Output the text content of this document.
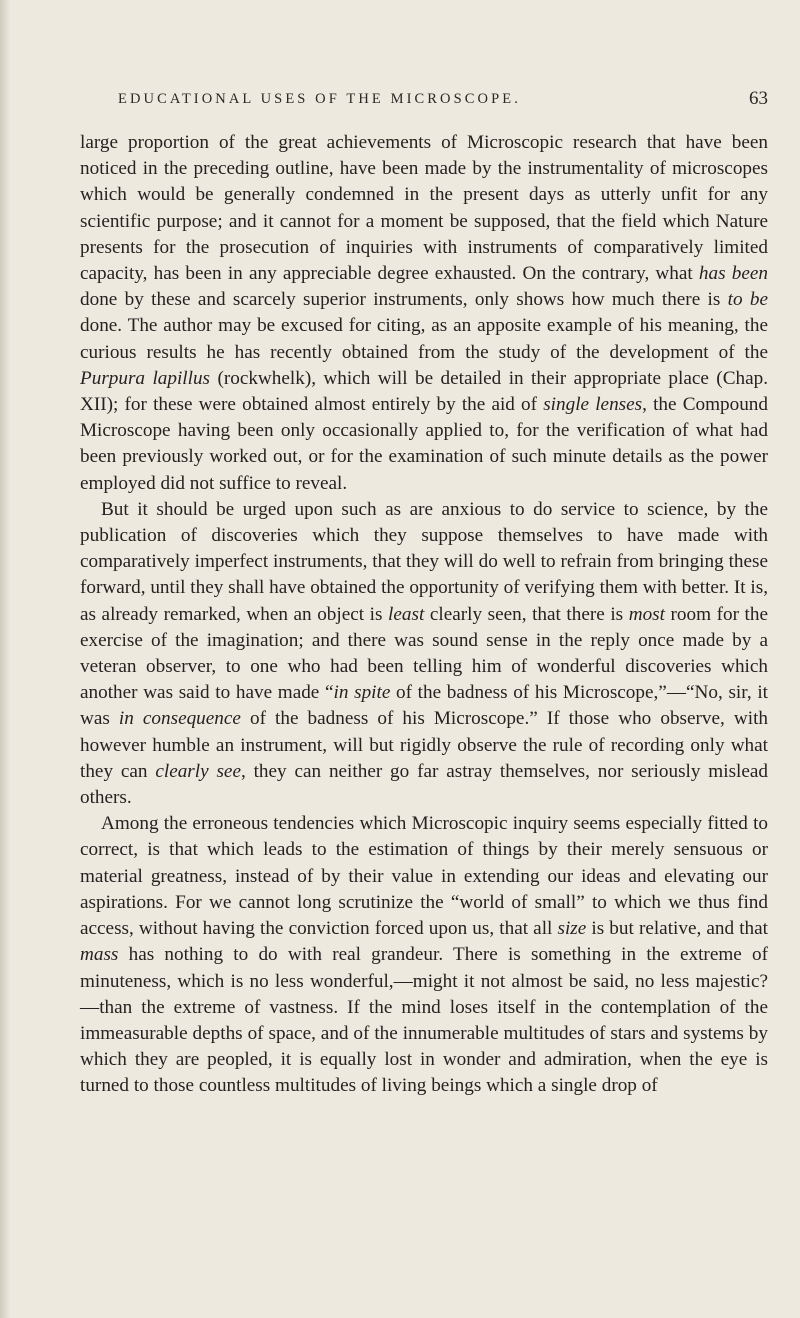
EDUCATIONAL USES OF THE MICROSCOPE.	63

large proportion of the great achievements of Microscopic research that have been noticed in the preceding outline, have been made by the instrumentality of microscopes which would be generally condemned in the present days as utterly unfit for any scientific purpose; and it cannot for a moment be supposed, that the field which Nature presents for the prosecution of inquiries with instruments of comparatively limited capacity, has been in any appreciable degree exhausted. On the contrary, what has been done by these and scarcely superior instruments, only shows how much there is to be done. The author may be excused for citing, as an apposite example of his meaning, the curious results he has recently obtained from the study of the development of the Purpura lapillus (rockwhelk), which will be detailed in their appropriate place (Chap. XII); for these were obtained almost entirely by the aid of single lenses, the Compound Microscope having been only occasionally applied to, for the verification of what had been previously worked out, or for the examination of such minute details as the power employed did not suffice to reveal.

But it should be urged upon such as are anxious to do service to science, by the publication of discoveries which they suppose themselves to have made with comparatively imperfect instruments, that they will do well to refrain from bringing these forward, until they shall have obtained the opportunity of verifying them with better. It is, as already remarked, when an object is least clearly seen, that there is most room for the exercise of the imagination; and there was sound sense in the reply once made by a veteran observer, to one who had been telling him of wonderful discoveries which another was said to have made “in spite of the badness of his Microscope,”—“No, sir, it was in consequence of the badness of his Microscope.” If those who observe, with however humble an instrument, will but rigidly observe the rule of recording only what they can clearly see, they can neither go far astray themselves, nor seriously mislead others.

Among the erroneous tendencies which Microscopic inquiry seems especially fitted to correct, is that which leads to the estimation of things by their merely sensuous or material greatness, instead of by their value in extending our ideas and elevating our aspirations. For we cannot long scrutinize the “world of small” to which we thus find access, without having the conviction forced upon us, that all size is but relative, and that mass has nothing to do with real grandeur. There is something in the extreme of minuteness, which is no less wonderful,—might it not almost be said, no less majestic?—than the extreme of vastness. If the mind loses itself in the contemplation of the immeasurable depths of space, and of the innumerable multitudes of stars and systems by which they are peopled, it is equally lost in wonder and admiration, when the eye is turned to those countless multitudes of living beings which a single drop of
